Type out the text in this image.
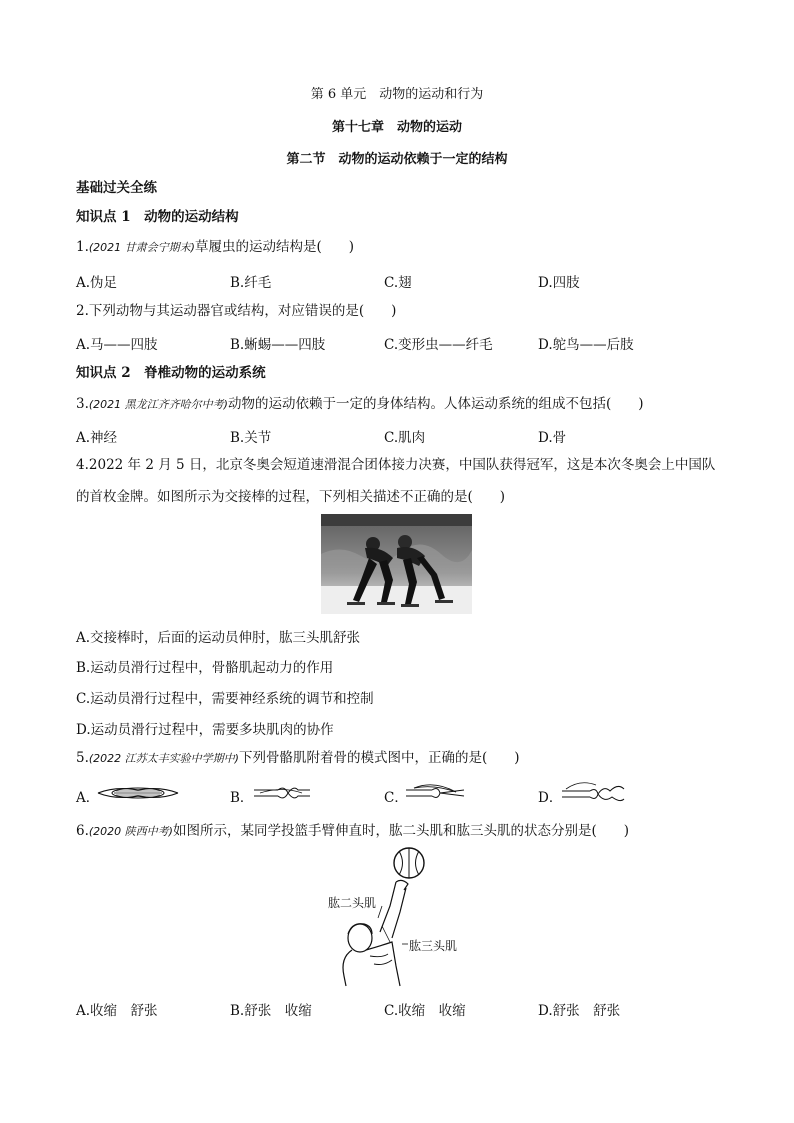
第 6 单元　动物的运动和行为
第十七章　动物的运动
第二节　动物的运动依赖于一定的结构
基础过关全练
知识点 1　动物的运动结构
1.(2021 甘肃会宁期末)草履虫的运动结构是(　　)
A.伪足	B.纤毛	C.翅	D.四肢
2.下列动物与其运动器官或结构，对应错误的是(　　)
A.马——四肢	B.蜥蜴——四肢	C.变形虫——纤毛	D.鸵鸟——后肢
知识点 2　脊椎动物的运动系统
3.(2021 黑龙江齐齐哈尔中考)动物的运动依赖于一定的身体结构。人体运动系统的组成不包括(　　)
A.神经	B.关节	C.肌肉	D.骨
4.2022 年 2 月 5 日，北京冬奥会短道速滑混合团体接力决赛，中国队获得冠军，这是本次冬奥会上中国队
的首枚金牌。如图所示为交接棒的过程，下列相关描述不正确的是(　　)
A.交接棒时，后面的运动员伸肘，肱三头肌舒张
B.运动员滑行过程中，骨骼肌起动力的作用
C.运动员滑行过程中，需要神经系统的调节和控制
D.运动员滑行过程中，需要多块肌肉的协作
5.(2022 江苏太丰实验中学期中)下列骨骼肌附着骨的模式图中，正确的是(　　)
A．	B．	C．	D．
6.(2020 陕西中考)如图所示，某同学投篮手臂伸直时，肱二头肌和肱三头肌的状态分别是(　　)
肱二头肌
肱三头肌
A.收缩　舒张	B.舒张　收缩	C.收缩　收缩	D.舒张　舒张
